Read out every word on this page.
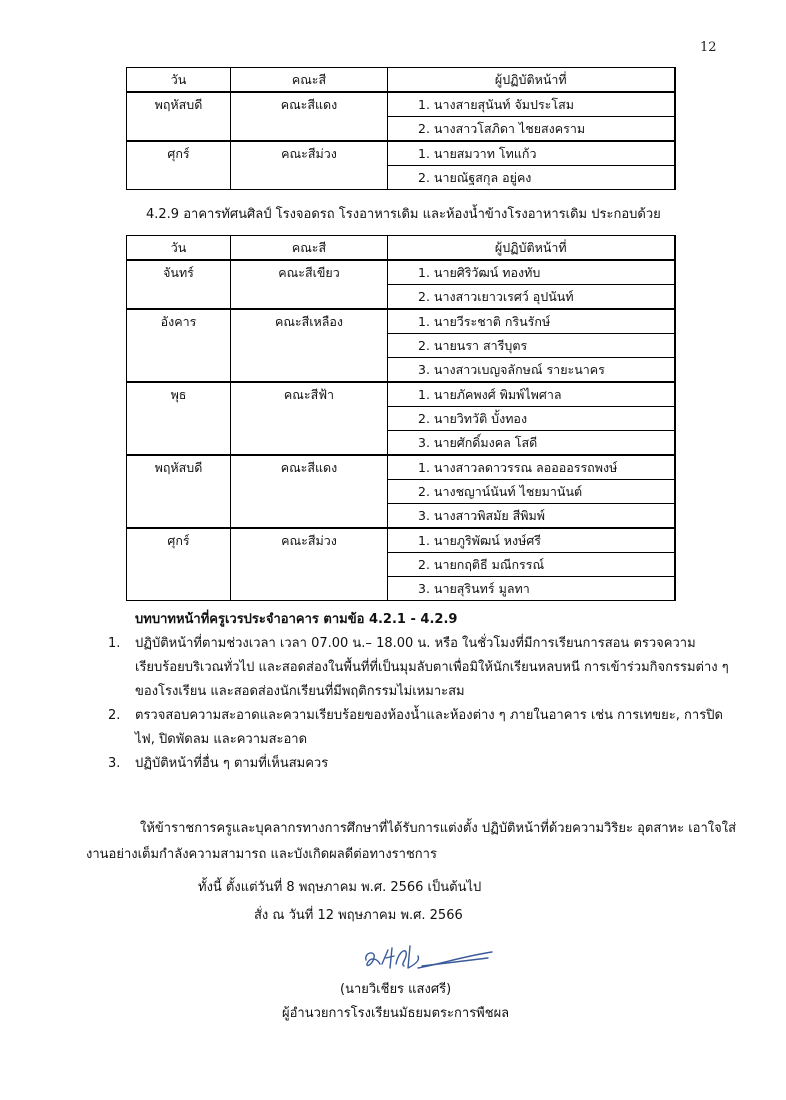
12
วัน	คณะสี	ผู้ปฏิบัติหน้าที่
พฤหัสบดี	คณะสีแดง	1. นางสายสุนันท์ จัมประโสม
		2. นางสาวโสภิดา ไชยสงคราม
ศุกร์	คณะสีม่วง	1. นายสมวาท โทแก้ว
		2. นายณัฐสกุล อยู่คง
4.2.9 อาคารทัศนศิลป์ โรงจอดรถ โรงอาหารเดิม และห้องน้ำข้างโรงอาหารเดิม ประกอบด้วย
วัน	คณะสี	ผู้ปฏิบัติหน้าที่
จันทร์	คณะสีเขียว	1. นายศิริวัฒน์ ทองทับ
		2. นางสาวเยาวเรศว์ อุปนันท์
อังคาร	คณะสีเหลือง	1. นายวีระชาติ กรินรักษ์
		2. นายนรา สารีบุตร
		3. นางสาวเบญจลักษณ์ รายะนาคร
พุธ	คณะสีฟ้า	1. นายภัคพงศ์ พิมพ์ไพศาล
		2. นายวิทวัติ บั้งทอง
		3. นายศักดิ์มงคล โสดี
พฤหัสบดี	คณะสีแดง	1. นางสาวลดาวรรณ ลออออรรถพงษ์
		2. นางชญาน์นันท์ ไชยมานันต์
		3. นางสาวพิสมัย สีพิมพ์
ศุกร์	คณะสีม่วง	1. นายภูริพัฒน์ หงษ์ศรี
		2. นายกฤติธี มณีกรรณ์
		3. นายสุรินทร์ มูลทา
บทบาทหน้าที่ครูเวรประจำอาคาร ตามข้อ 4.2.1 - 4.2.9
1. ปฏิบัติหน้าที่ตามช่วงเวลา เวลา 07.00 น.– 18.00 น. หรือ ในชั่วโมงที่มีการเรียนการสอน ตรวจความเรียบร้อยบริเวณทั่วไป และสอดส่องในพื้นที่ที่เป็นมุมลับตาเพื่อมิให้นักเรียนหลบหนี การเข้าร่วมกิจกรรมต่าง ๆ ของโรงเรียน และสอดส่องนักเรียนที่มีพฤติกรรมไม่เหมาะสม
2. ตรวจสอบความสะอาดและความเรียบร้อยของห้องน้ำและห้องต่าง ๆ ภายในอาคาร เช่น การเทขยะ, การปิดไฟ, ปิดพัดลม และความสะอาด
3. ปฏิบัติหน้าที่อื่น ๆ ตามที่เห็นสมควร

ให้ข้าราชการครูและบุคลากรทางการศึกษาที่ได้รับการแต่งตั้ง ปฏิบัติหน้าที่ด้วยความวิริยะ อุตสาหะ เอาใจใส่งานอย่างเต็มกำลังความสามารถ และบังเกิดผลดีต่อทางราชการ

ทั้งนี้ ตั้งแต่วันที่ 8 พฤษภาคม พ.ศ. 2566 เป็นต้นไป
สั่ง ณ วันที่ 12 พฤษภาคม พ.ศ. 2566
(นายวิเชียร แสงศรี)
ผู้อำนวยการโรงเรียนมัธยมตระการพืชผล
